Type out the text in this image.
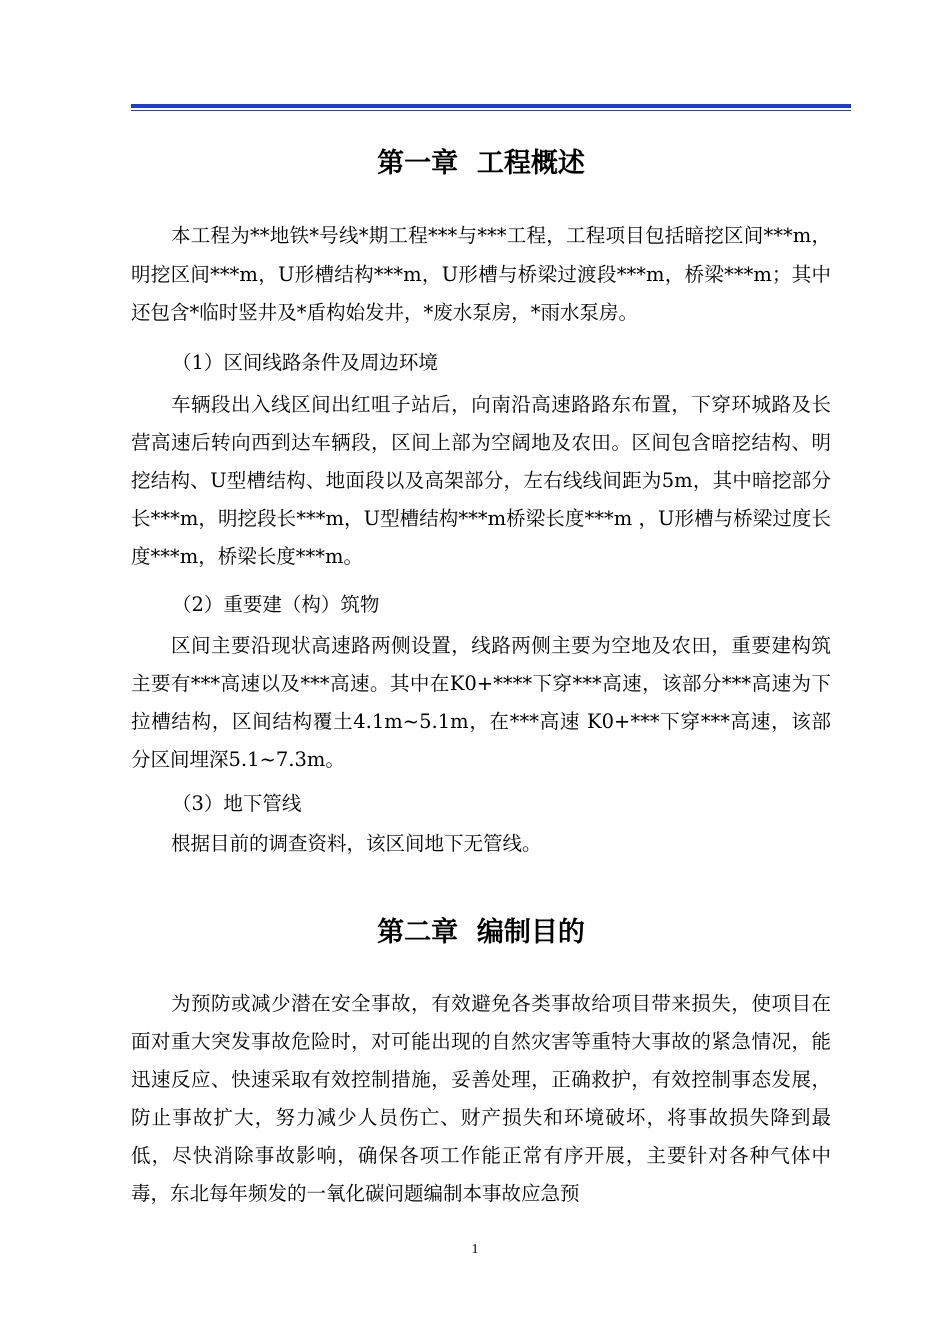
第一章  工程概述

本工程为**地铁*号线*期工程***与***工程，工程项目包括暗挖区间***m，明挖区间***m，U形槽结构***m，U形槽与桥梁过渡段***m，桥梁***m；其中还包含*临时竖井及*盾构始发井，*废水泵房，*雨水泵房。

（1）区间线路条件及周边环境

车辆段出入线区间出红咀子站后，向南沿高速路路东布置，下穿环城路及长营高速后转向西到达车辆段，区间上部为空阔地及农田。区间包含暗挖结构、明挖结构、U型槽结构、地面段以及高架部分，左右线线间距为5m，其中暗挖部分长***m，明挖段长***m，U型槽结构***m桥梁长度***m ，U形槽与桥梁过度长度***m，桥梁长度***m。

（2）重要建（构）筑物

区间主要沿现状高速路两侧设置，线路两侧主要为空地及农田，重要建构筑主要有***高速以及***高速。其中在K0+****下穿***高速，该部分***高速为下拉槽结构，区间结构覆土4.1m~5.1m，在***高速 K0+***下穿***高速，该部分区间埋深5.1~7.3m。

（3）地下管线

根据目前的调查资料，该区间地下无管线。

第二章  编制目的

为预防或减少潜在安全事故，有效避免各类事故给项目带来损失，使项目在面对重大突发事故危险时，对可能出现的自然灾害等重特大事故的紧急情况，能迅速反应、快速采取有效控制措施，妥善处理，正确救护，有效控制事态发展，防止事故扩大，努力减少人员伤亡、财产损失和环境破坏，将事故损失降到最低，尽快消除事故影响，确保各项工作能正常有序开展，主要针对各种气体中毒，东北每年频发的一氧化碳问题编制本事故应急预

1
